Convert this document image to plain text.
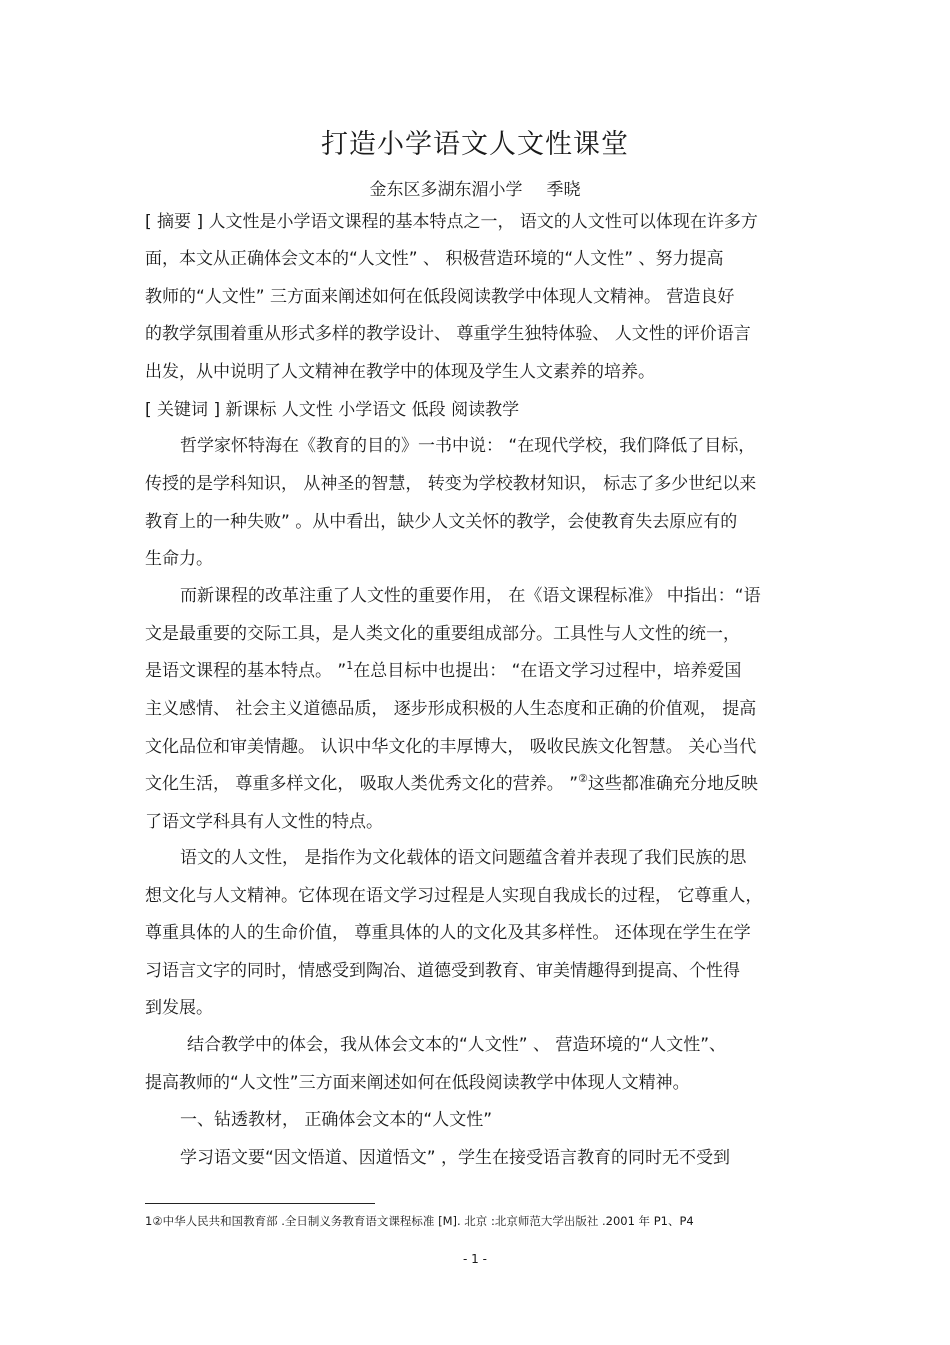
打造小学语文人文性课堂
金东区多湖东湄小学 季晓
[ 摘要 ] 人文性是小学语文课程的基本特点之一， 语文的人文性可以体现在许多方
面，本文从正确体会文本的“人文性” 、 积极营造环境的“人文性” 、努力提高
教师的“人文性” 三方面来阐述如何在低段阅读教学中体现人文精神。 营造良好
的教学氛围着重从形式多样的教学设计、 尊重学生独特体验、 人文性的评价语言
出发，从中说明了人文精神在教学中的体现及学生人文素养的培养。
[ 关键词 ] 新课标 人文性 小学语文 低段 阅读教学
哲学家怀特海在《教育的目的》一书中说： “在现代学校，我们降低了目标，
传授的是学科知识， 从神圣的智慧， 转变为学校教材知识， 标志了多少世纪以来
教育上的一种失败” 。从中看出，缺少人文关怀的教学，会使教育失去原应有的
生命力。
而新课程的改革注重了人文性的重要作用， 在《语文课程标准》 中指出：“语
文是最重要的交际工具，是人类文化的重要组成部分。工具性与人文性的统一，
是语文课程的基本特点。 ”$^1$在总目标中也提出： “在语文学习过程中，培养爱国
主义感情、 社会主义道德品质， 逐步形成积极的人生态度和正确的价值观， 提高
文化品位和审美情趣。 认识中华文化的丰厚博大， 吸收民族文化智慧。 关心当代
文化生活， 尊重多样文化， 吸取人类优秀文化的营养。 ”②这些都准确充分地反映
了语文学科具有人文性的特点。
语文的人文性， 是指作为文化载体的语文问题蕴含着并表现了我们民族的思
想文化与人文精神。它体现在语文学习过程是人实现自我成长的过程， 它尊重人，
尊重具体的人的生命价值， 尊重具体的人的文化及其多样性。 还体现在学生在学
习语言文字的同时，情感受到陶冶、道德受到教育、审美情趣得到提高、个性得
到发展。
结合教学中的体会，我从体会文本的“人文性” 、 营造环境的“人文性”、
提高教师的“人文性”三方面来阐述如何在低段阅读教学中体现人文精神。
一、钻透教材， 正确体会文本的“人文性”
学习语文要“因文悟道、因道悟文” ，学生在接受语言教育的同时无不受到
1②中华人民共和国教育部 .全日制义务教育语文课程标准 [M]. 北京 :北京师范大学出版社 .2001 年 P1、P4
- 1 -
